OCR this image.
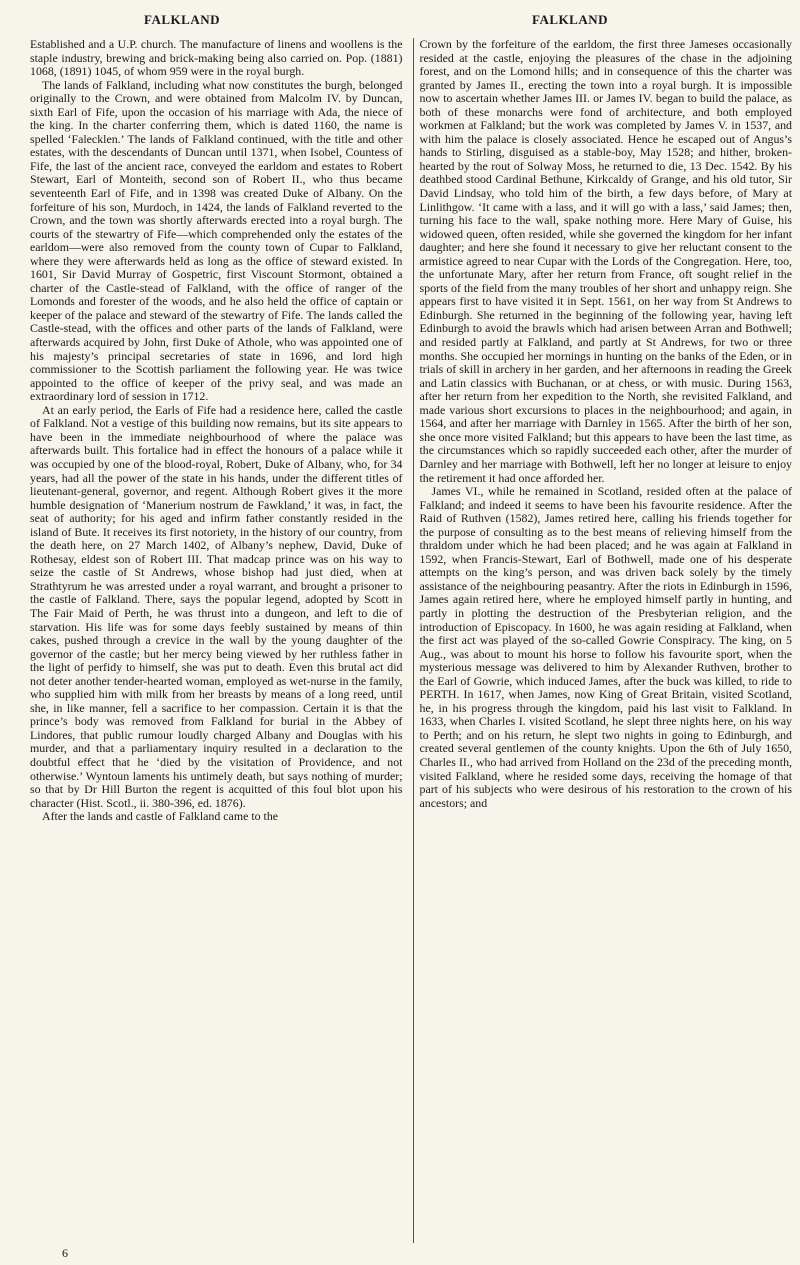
FALKLAND	FALKLAND

Established and a U.P. church. The manufacture of linens and woollens is the staple industry, brewing and brick-making being also carried on. Pop. (1881) 1068, (1891) 1045, of whom 959 were in the royal burgh.

The lands of Falkland, including what now constitutes the burgh, belonged originally to the Crown, and were obtained from Malcolm IV. by Duncan, sixth Earl of Fife, upon the occasion of his marriage with Ada, the niece of the king. In the charter conferring them, which is dated 1160, the name is spelled ‘Falecklen.’ The lands of Falkland continued, with the title and other estates, with the descendants of Duncan until 1371, when Isobel, Countess of Fife, the last of the ancient race, conveyed the earldom and estates to Robert Stewart, Earl of Monteith, second son of Robert II., who thus became seventeenth Earl of Fife, and in 1398 was created Duke of Albany. On the forfeiture of his son, Murdoch, in 1424, the lands of Falkland reverted to the Crown, and the town was shortly afterwards erected into a royal burgh. The courts of the stewartry of Fife—which comprehended only the estates of the earldom—were also removed from the county town of Cupar to Falkland, where they were afterwards held as long as the office of steward existed. In 1601, Sir David Murray of Gospetric, first Viscount Stormont, obtained a charter of the Castle-stead of Falkland, with the office of ranger of the Lomonds and forester of the woods, and he also held the office of captain or keeper of the palace and steward of the stewartry of Fife. The lands called the Castle-stead, with the offices and other parts of the lands of Falkland, were afterwards acquired by John, first Duke of Athole, who was appointed one of his majesty’s principal secretaries of state in 1696, and lord high commissioner to the Scottish parliament the following year. He was twice appointed to the office of keeper of the privy seal, and was made an extraordinary lord of session in 1712.

At an early period, the Earls of Fife had a residence here, called the castle of Falkland. Not a vestige of this building now remains, but its site appears to have been in the immediate neighbourhood of where the palace was afterwards built. This fortalice had in effect the honours of a palace while it was occupied by one of the blood-royal, Robert, Duke of Albany, who, for 34 years, had all the power of the state in his hands, under the different titles of lieutenant-general, governor, and regent. Although Robert gives it the more humble designation of ‘Manerium nostrum de Fawkland,’ it was, in fact, the seat of authority; for his aged and infirm father constantly resided in the island of Bute. It receives its first notoriety, in the history of our country, from the death here, on 27 March 1402, of Albany’s nephew, David, Duke of Rothesay, eldest son of Robert III. That madcap prince was on his way to seize the castle of St Andrews, whose bishop had just died, when at Strathtyrum he was arrested under a royal warrant, and brought a prisoner to the castle of Falkland. There, says the popular legend, adopted by Scott in The Fair Maid of Perth, he was thrust into a dungeon, and left to die of starvation. His life was for some days feebly sustained by means of thin cakes, pushed through a crevice in the wall by the young daughter of the governor of the castle; but her mercy being viewed by her ruthless father in the light of perfidy to himself, she was put to death. Even this brutal act did not deter another tender-hearted woman, employed as wet-nurse in the family, who supplied him with milk from her breasts by means of a long reed, until she, in like manner, fell a sacrifice to her compassion. Certain it is that the prince’s body was removed from Falkland for burial in the Abbey of Lindores, that public rumour loudly charged Albany and Douglas with his murder, and that a parliamentary inquiry resulted in a declaration to the doubtful effect that he ‘died by the visitation of Providence, and not otherwise.’ Wyntoun laments his untimely death, but says nothing of murder; so that by Dr Hill Burton the regent is acquitted of this foul blot upon his character (Hist. Scotl., ii. 380-396, ed. 1876).

After the lands and castle of Falkland came to the

Crown by the forfeiture of the earldom, the first three Jameses occasionally resided at the castle, enjoying the pleasures of the chase in the adjoining forest, and on the Lomond hills; and in consequence of this the charter was granted by James II., erecting the town into a royal burgh. It is impossible now to ascertain whether James III. or James IV. began to build the palace, as both of these monarchs were fond of architecture, and both employed workmen at Falkland; but the work was completed by James V. in 1537, and with him the palace is closely associated. Hence he escaped out of Angus’s hands to Stirling, disguised as a stable-boy, May 1528; and hither, broken-hearted by the rout of Solway Moss, he returned to die, 13 Dec. 1542. By his deathbed stood Cardinal Bethune, Kirkcaldy of Grange, and his old tutor, Sir David Lindsay, who told him of the birth, a few days before, of Mary at Linlithgow. ‘It came with a lass, and it will go with a lass,’ said James; then, turning his face to the wall, spake nothing more. Here Mary of Guise, his widowed queen, often resided, while she governed the kingdom for her infant daughter; and here she found it necessary to give her reluctant consent to the armistice agreed to near Cupar with the Lords of the Congregation. Here, too, the unfortunate Mary, after her return from France, oft sought relief in the sports of the field from the many troubles of her short and unhappy reign. She appears first to have visited it in Sept. 1561, on her way from St Andrews to Edinburgh. She returned in the beginning of the following year, having left Edinburgh to avoid the brawls which had arisen between Arran and Bothwell; and resided partly at Falkland, and partly at St Andrews, for two or three months. She occupied her mornings in hunting on the banks of the Eden, or in trials of skill in archery in her garden, and her afternoons in reading the Greek and Latin classics with Buchanan, or at chess, or with music. During 1563, after her return from her expedition to the North, she revisited Falkland, and made various short excursions to places in the neighbourhood; and again, in 1564, and after her marriage with Darnley in 1565. After the birth of her son, she once more visited Falkland; but this appears to have been the last time, as the circumstances which so rapidly succeeded each other, after the murder of Darnley and her marriage with Bothwell, left her no longer at leisure to enjoy the retirement it had once afforded her.

James VI., while he remained in Scotland, resided often at the palace of Falkland; and indeed it seems to have been his favourite residence. After the Raid of Ruthven (1582), James retired here, calling his friends together for the purpose of consulting as to the best means of relieving himself from the thraldom under which he had been placed; and he was again at Falkland in 1592, when Francis-Stewart, Earl of Bothwell, made one of his desperate attempts on the king’s person, and was driven back solely by the timely assistance of the neighbouring peasantry. After the riots in Edinburgh in 1596, James again retired here, where he employed himself partly in hunting, and partly in plotting the destruction of the Presbyterian religion, and the introduction of Episcopacy. In 1600, he was again residing at Falkland, when the first act was played of the so-called Gowrie Conspiracy. The king, on 5 Aug., was about to mount his horse to follow his favourite sport, when the mysterious message was delivered to him by Alexander Ruthven, brother to the Earl of Gowrie, which induced James, after the buck was killed, to ride to PERTH. In 1617, when James, now King of Great Britain, visited Scotland, he, in his progress through the kingdom, paid his last visit to Falkland. In 1633, when Charles I. visited Scotland, he slept three nights here, on his way to Perth; and on his return, he slept two nights in going to Edinburgh, and created several gentlemen of the county knights. Upon the 6th of July 1650, Charles II., who had arrived from Holland on the 23d of the preceding month, visited Falkland, where he resided some days, receiving the homage of that part of his subjects who were desirous of his restoration to the crown of his ancestors; and

6
